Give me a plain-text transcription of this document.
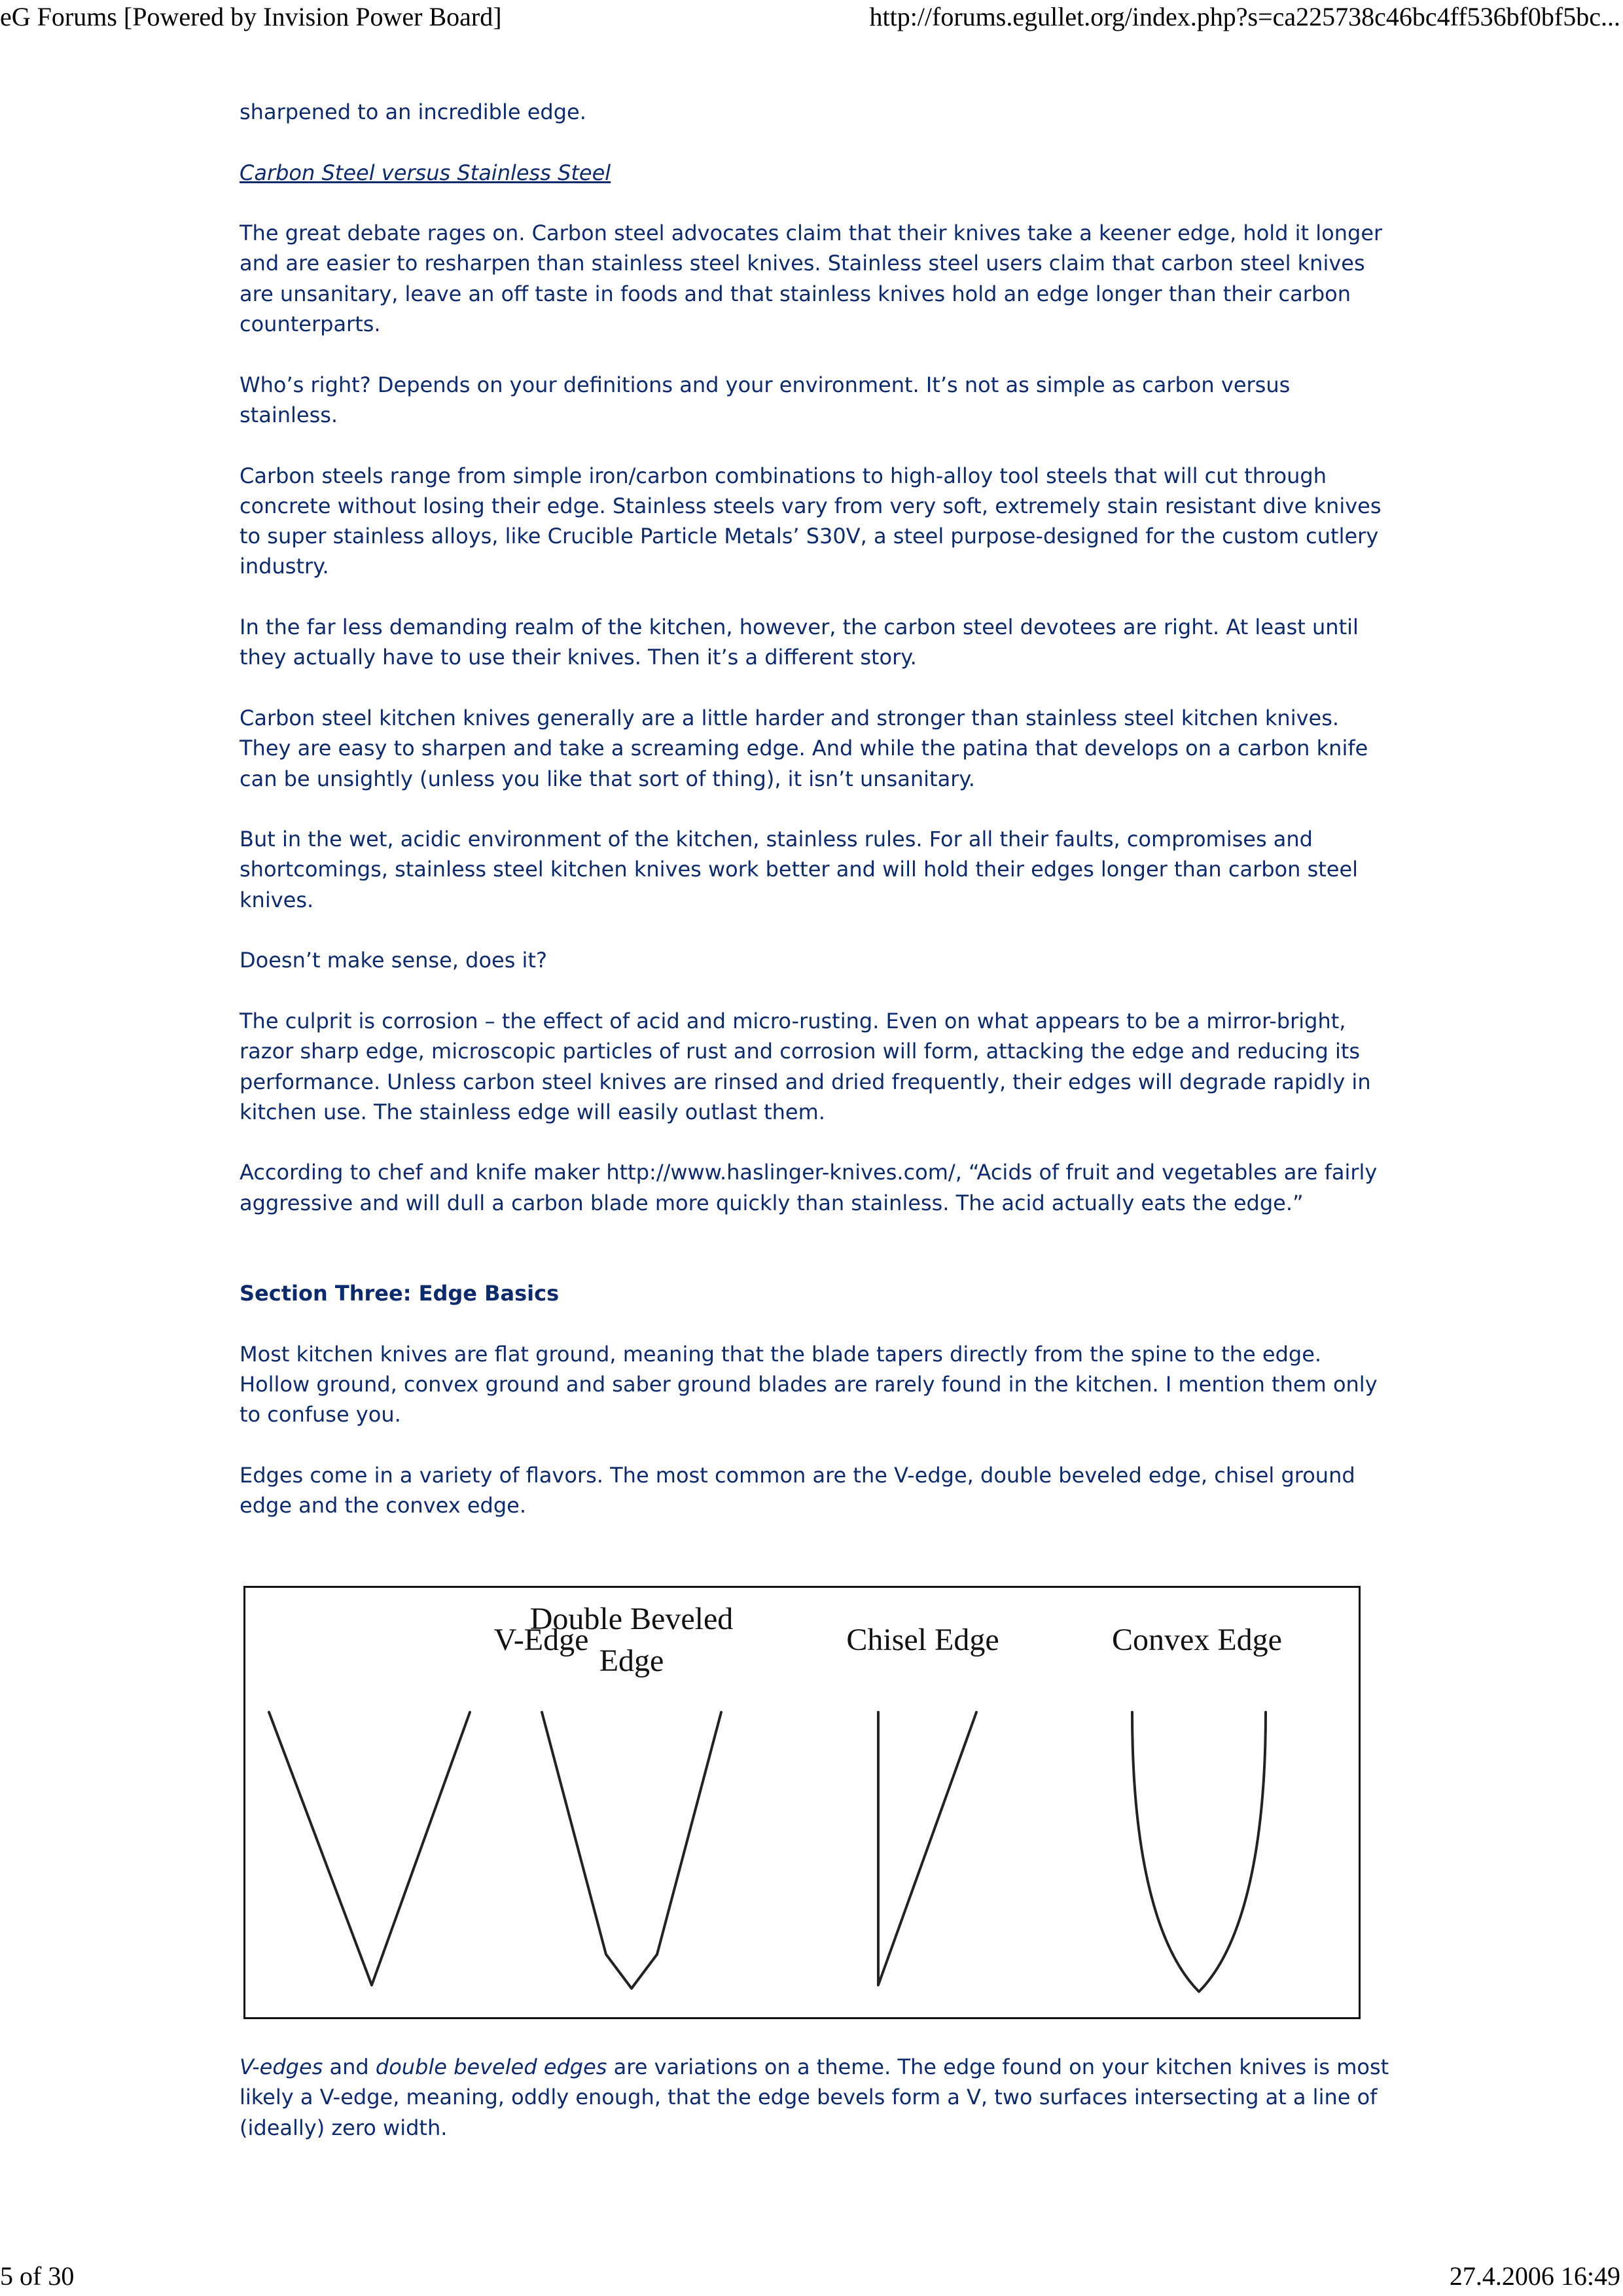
eG Forums [Powered by Invision Power Board]	http://forums.egullet.org/index.php?s=ca225738c46bc4ff536bf0bf5bc...

sharpened to an incredible edge.

Carbon Steel versus Stainless Steel

The great debate rages on. Carbon steel advocates claim that their knives take a keener edge, hold it longer and are easier to resharpen than stainless steel knives. Stainless steel users claim that carbon steel knives are unsanitary, leave an off taste in foods and that stainless knives hold an edge longer than their carbon counterparts.

Who’s right? Depends on your definitions and your environment. It’s not as simple as carbon versus stainless.

Carbon steels range from simple iron/carbon combinations to high-alloy tool steels that will cut through concrete without losing their edge. Stainless steels vary from very soft, extremely stain resistant dive knives to super stainless alloys, like Crucible Particle Metals’ S30V, a steel purpose-designed for the custom cutlery industry.

In the far less demanding realm of the kitchen, however, the carbon steel devotees are right. At least until they actually have to use their knives. Then it’s a different story.

Carbon steel kitchen knives generally are a little harder and stronger than stainless steel kitchen knives. They are easy to sharpen and take a screaming edge. And while the patina that develops on a carbon knife can be unsightly (unless you like that sort of thing), it isn’t unsanitary.

But in the wet, acidic environment of the kitchen, stainless rules. For all their faults, compromises and shortcomings, stainless steel kitchen knives work better and will hold their edges longer than carbon steel knives.

Doesn’t make sense, does it?

The culprit is corrosion – the effect of acid and micro-rusting. Even on what appears to be a mirror-bright, razor sharp edge, microscopic particles of rust and corrosion will form, attacking the edge and reducing its performance. Unless carbon steel knives are rinsed and dried frequently, their edges will degrade rapidly in kitchen use. The stainless edge will easily outlast them.

According to chef and knife maker http://www.haslinger-knives.com/, “Acids of fruit and vegetables are fairly aggressive and will dull a carbon blade more quickly than stainless. The acid actually eats the edge.”

Section Three: Edge Basics

Most kitchen knives are flat ground, meaning that the blade tapers directly from the spine to the edge. Hollow ground, convex ground and saber ground blades are rarely found in the kitchen. I mention them only to confuse you.

Edges come in a variety of flavors. The most common are the V-edge, double beveled edge, chisel ground edge and the convex edge.

V-Edge
Double Beveled
Edge
Chisel Edge	Convex Edge

V-edges and double beveled edges are variations on a theme. The edge found on your kitchen knives is most likely a V-edge, meaning, oddly enough, that the edge bevels form a V, two surfaces intersecting at a line of (ideally) zero width.

5 of 30	27.4.2006 16:49
